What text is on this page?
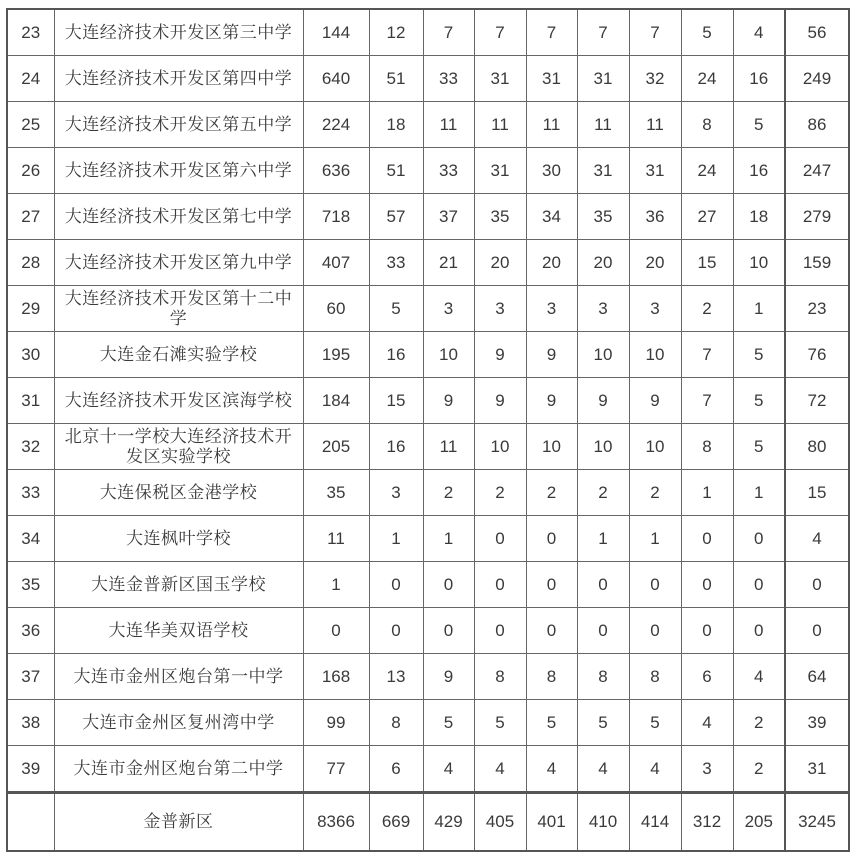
23	大连经济技术开发区第三中学	144	12	7	7	7	7	7	5	4	56
24	大连经济技术开发区第四中学	640	51	33	31	31	31	32	24	16	249
25	大连经济技术开发区第五中学	224	18	11	11	11	11	11	8	5	86
26	大连经济技术开发区第六中学	636	51	33	31	30	31	31	24	16	247
27	大连经济技术开发区第七中学	718	57	37	35	34	35	36	27	18	279
28	大连经济技术开发区第九中学	407	33	21	20	20	20	20	15	10	159
29	大连经济技术开发区第十二中学	60	5	3	3	3	3	3	2	1	23
30	大连金石滩实验学校	195	16	10	9	9	10	10	7	5	76
31	大连经济技术开发区滨海学校	184	15	9	9	9	9	9	7	5	72
32	北京十一学校大连经济技术开发区实验学校	205	16	11	10	10	10	10	8	5	80
33	大连保税区金港学校	35	3	2	2	2	2	2	1	1	15
34	大连枫叶学校	11	1	1	0	0	1	1	0	0	4
35	大连金普新区国玉学校	1	0	0	0	0	0	0	0	0	0
36	大连华美双语学校	0	0	0	0	0	0	0	0	0	0
37	大连市金州区炮台第一中学	168	13	9	8	8	8	8	6	4	64
38	大连市金州区复州湾中学	99	8	5	5	5	5	5	4	2	39
39	大连市金州区炮台第二中学	77	6	4	4	4	4	4	3	2	31
	金普新区	8366	669	429	405	401	410	414	312	205	3245
